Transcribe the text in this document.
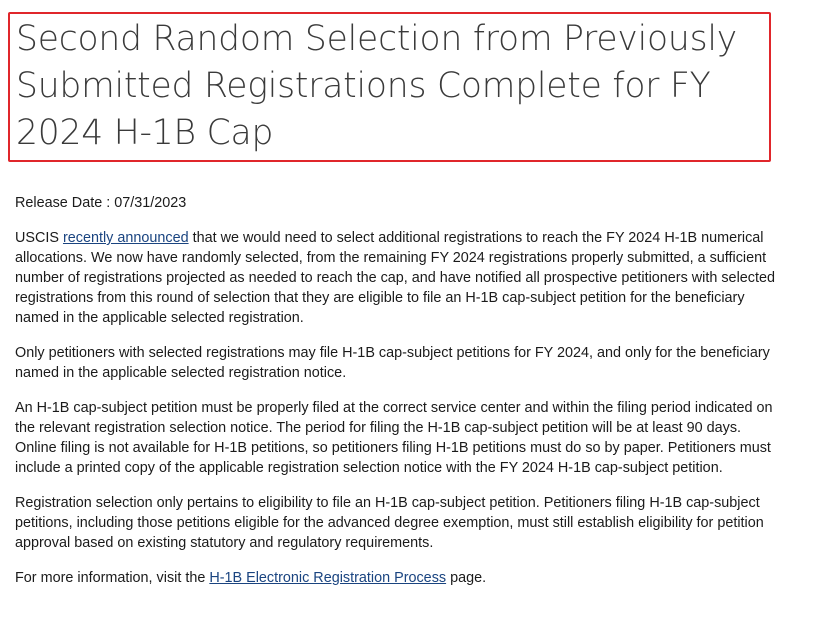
Second Random Selection from Previously Submitted Registrations Complete for FY 2024 H-1B Cap
Release Date : 07/31/2023

USCIS recently announced that we would need to select additional registrations to reach the FY 2024 H-1B numerical allocations. We now have randomly selected, from the remaining FY 2024 registrations properly submitted, a sufficient number of registrations projected as needed to reach the cap, and have notified all prospective petitioners with selected registrations from this round of selection that they are eligible to file an H-1B cap-subject petition for the beneficiary named in the applicable selected registration.

Only petitioners with selected registrations may file H-1B cap-subject petitions for FY 2024, and only for the beneficiary named in the applicable selected registration notice.

An H-1B cap-subject petition must be properly filed at the correct service center and within the filing period indicated on the relevant registration selection notice. The period for filing the H-1B cap-subject petition will be at least 90 days. Online filing is not available for H-1B petitions, so petitioners filing H-1B petitions must do so by paper. Petitioners must include a printed copy of the applicable registration selection notice with the FY 2024 H-1B cap-subject petition.

Registration selection only pertains to eligibility to file an H-1B cap-subject petition. Petitioners filing H-1B cap-subject petitions, including those petitions eligible for the advanced degree exemption, must still establish eligibility for petition approval based on existing statutory and regulatory requirements.

For more information, visit the H-1B Electronic Registration Process page.
